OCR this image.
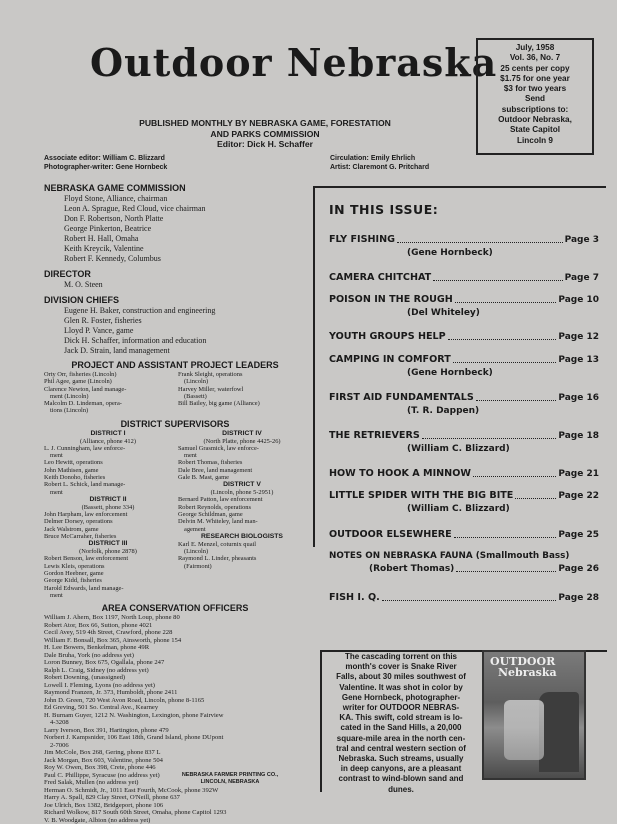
Outdoor Nebraska	July, 1958
Vol. 36, No. 7
25 cents per copy
$1.75 for one year
$3 for two years
Send
subscriptions to:
Outdoor Nebraska,
State Capitol
Lincoln 9
PUBLISHED MONTHLY BY NEBRASKA GAME, FORESTATION
AND PARKS COMMISSION
Editor: Dick H. Schaffer
Associate editor: William C. Blizzard
Photographer-writer: Gene Hornbeck
Circulation: Emily Ehrlich
Artist: Claremont G. Pritchard
NEBRASKA GAME COMMISSION
Floyd Stone, Alliance, chairman
Leon A. Sprague, Red Cloud, vice chairman
Don F. Robertson, North Platte
George Pinkerton, Beatrice
Robert H. Hall, Omaha
Keith Kreycik, Valentine
Robert F. Kennedy, Columbus
DIRECTOR
M. O. Steen
DIVISION CHIEFS
Eugene H. Baker, construction and engineering
Glen R. Foster, fisheries
Lloyd P. Vance, game
Dick H. Schaffer, information and education
Jack D. Strain, land management
PROJECT AND ASSISTANT PROJECT LEADERS
Orty Orr, fisheries (Lincoln)
Phil Agee, game (Lincoln)
Clarence Newton, land manage-
ment (Lincoln)
Malcolm D. Lindeman, opera-
tions (Lincoln)
Frank Sleight, operations
(Lincoln)
Harvey Miller, waterfowl
(Bassett)
Bill Bailey, big game (Alliance)
DISTRICT SUPERVISORS
DISTRICT I
(Alliance, phone 412)
L. J. Cunningham, law enforce-
ment
Leo Hewitt, operations
John Mathisen, game
Keith Donoho, fisheries
Robert L. Schick, land manage-
ment
DISTRICT II
(Bassett, phone 334)
John Harpham, law enforcement
Delmer Dorsey, operations
Jack Walstrom, game
Bruce McCarraher, fisheries
DISTRICT III
(Norfolk, phone 2878)
Robert Benson, law enforcement
Lewis Kleis, operations
Gordon Heebner, game
George Kidd, fisheries
Harold Edwards, land manage-
ment
DISTRICT IV
(North Platte, phone 4425-26)
Samuel Grasmick, law enforce-
ment
Robert Thomas, fisheries
Dale Bree, land management
Gale B. Mast, game
DISTRICT V
(Lincoln, phone 5-2951)
Bernard Patton, law enforcement
Robert Reynolds, operations
George Schildman, game
Delvin M. Whiteley, land man-
agement
RESEARCH BIOLOGISTS
Karl E. Menzel, coturnix quail
(Lincoln)
Raymond L. Linder, pheasants
(Fairmont)
AREA CONSERVATION OFFICERS
William J. Ahern, Box 1197, North Loup, phone 80
Robert Ator, Box 66, Sutton, phone 4021
Cecil Avey, 519 4th Street, Crawford, phone 228
William F. Bonsall, Box 365, Ainsworth, phone 154
H. Lee Bowers, Benkelman, phone 49R
Dale Bruha, York (no address yet)
Loron Bunney, Box 675, Ogallala, phone 247
Ralph L. Craig, Sidney (no address yet)
Robert Downing, (unassigned)
Lowell I. Fleming, Lyons (no address yet)
Raymond Franzen, Jr. 373, Humboldt, phone 2411
John D. Green, 720 West Avon Road, Lincoln, phone 8-1165
Ed Greving, 501 So. Central Ave., Kearney
H. Burnam Guyer, 1212 N. Washington, Lexington, phone Fairview
4-3208
Larry Iverson, Box 391, Hartington, phone 479
Norbert J. Kampsnider, 106 East 18th, Grand Island, phone DUpont
2-7006
Jim McCole, Box 268, Gering, phone 837 L
Jack Morgan, Box 603, Valentine, phone 504
Roy W. Owen, Box 398, Crete, phone 446
Paul C. Phillippe, Syracuse (no address yet)
Fred Salak, Mullen (no address yet)
Herman O. Schmidt, Jr., 1011 East Fourth, McCook, phone 392W
Harry A. Spall, 829 Clay Street, O'Neill, phone 637
Joe Ulrich, Box 1382, Bridgeport, phone 106
Richard Wolkow, 817 South 60th Street, Omaha, phone Capitol 1293
V. B. Woodgate, Albion (no address yet)
NEBRASKA FARMER PRINTING CO.,
LINCOLN, NEBRASKA
IN THIS ISSUE:
FLY FISHING	Page 3
(Gene Hornbeck)
CAMERA CHITCHAT	Page 7
POISON IN THE ROUGH	Page 10
(Del Whiteley)
YOUTH GROUPS HELP	Page 12
CAMPING IN COMFORT	Page 13
(Gene Hornbeck)
FIRST AID FUNDAMENTALS	Page 16
(T. R. Dappen)
THE RETRIEVERS	Page 18
(William C. Blizzard)
HOW TO HOOK A MINNOW	Page 21
LITTLE SPIDER WITH THE BIG BITE	Page 22
(William C. Blizzard)
OUTDOOR ELSEWHERE	Page 25
NOTES ON NEBRASKA FAUNA (Smallmouth Bass)
(Robert Thomas)	Page 26
FISH I. Q.	Page 28
The cascading torrent on this
month's cover is Snake River
Falls, about 30 miles southwest of
Valentine. It was shot in color by
Gene Hornbeck, photographer-
writer for OUTDOOR NEBRAS-
KA. This swift, cold stream is lo-
cated in the Sand Hills, a 20,000
square-mile area in the north cen-
tral and central western section of
Nebraska. Such streams, usually
in deep canyons, are a pleasant
contrast to wind-blown sand and
dunes.
OUTDOOR
Nebraska
